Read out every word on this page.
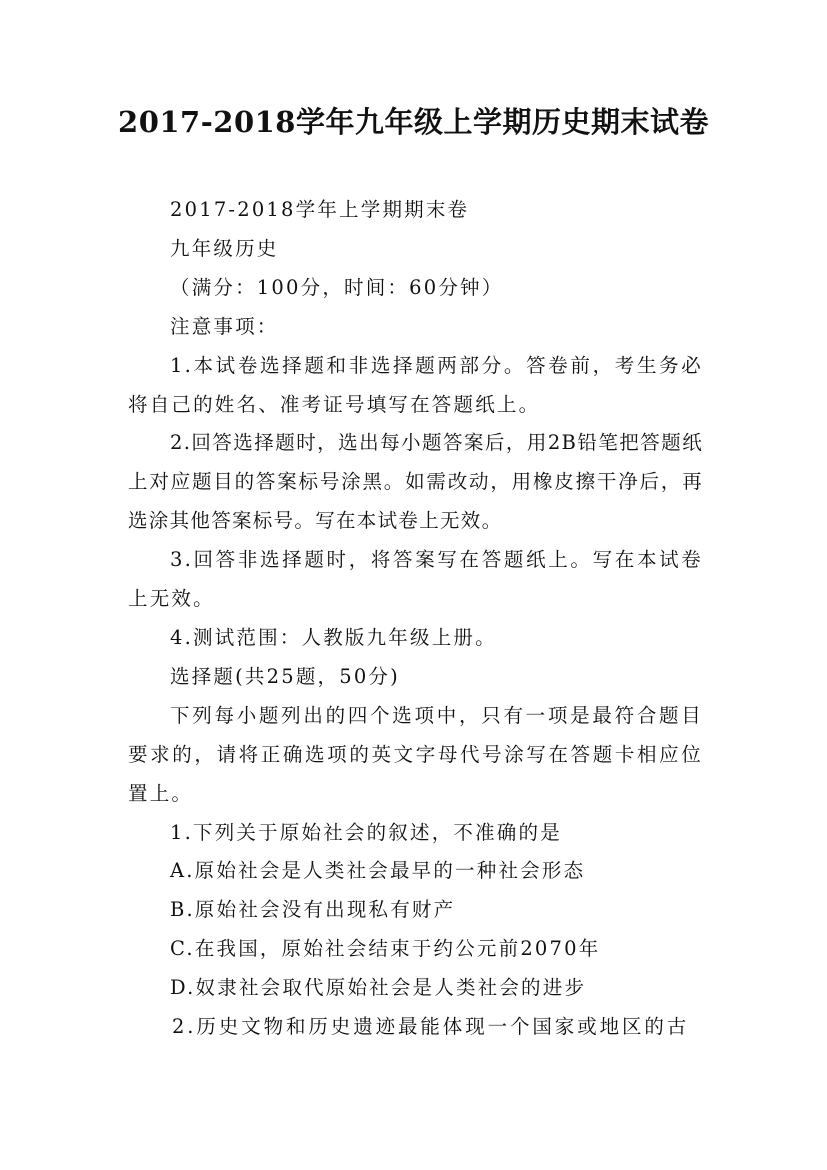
2017-2018学年九年级上学期历史期末试卷

2017-2018学年上学期期末卷

九年级历史

（满分：100分，时间：60分钟）

注意事项：

1.本试卷选择题和非选择题两部分。答卷前，考生务必将自己的姓名、准考证号填写在答题纸上。

2.回答选择题时，选出每小题答案后，用2B铅笔把答题纸上对应题目的答案标号涂黑。如需改动，用橡皮擦干净后，再选涂其他答案标号。写在本试卷上无效。

3.回答非选择题时，将答案写在答题纸上。写在本试卷上无效。

4.测试范围：人教版九年级上册。

选择题(共25题，50分)

下列每小题列出的四个选项中，只有一项是最符合题目要求的，请将正确选项的英文字母代号涂写在答题卡相应位置上。

1.下列关于原始社会的叙述，不准确的是

A.原始社会是人类社会最早的一种社会形态

B.原始社会没有出现私有财产

C.在我国，原始社会结束于约公元前2070年

D.奴隶社会取代原始社会是人类社会的进步

2.历史文物和历史遗迹最能体现一个国家或地区的古
